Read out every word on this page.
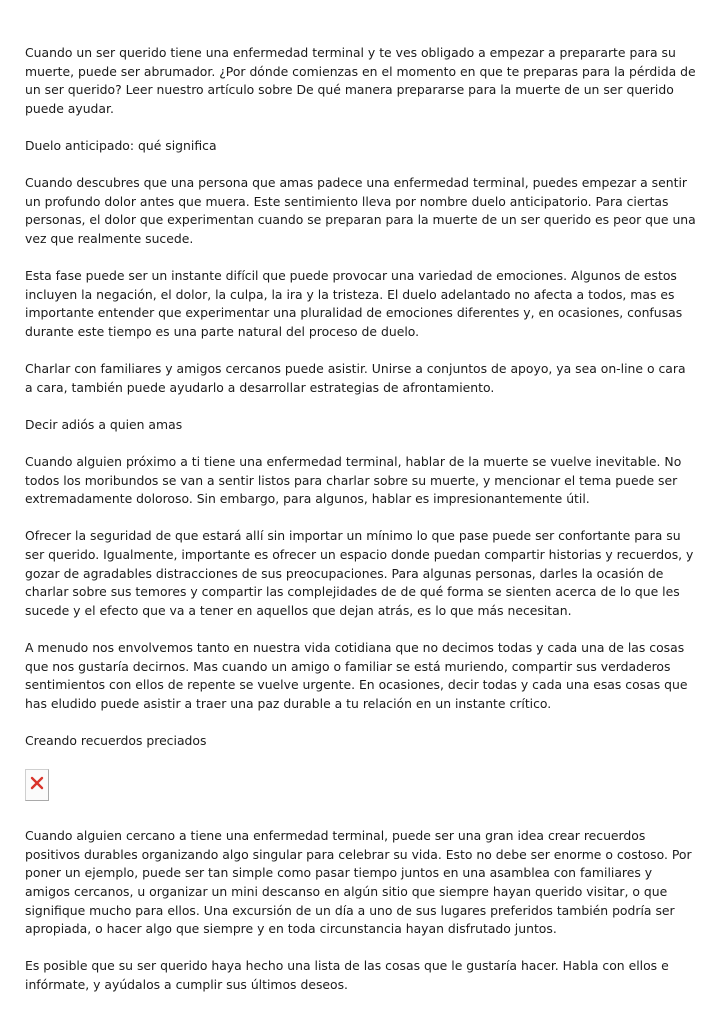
Cuando un ser querido tiene una enfermedad terminal y te ves obligado a empezar a prepararte para su muerte, puede ser abrumador. ¿Por dónde comienzas en el momento en que te preparas para la pérdida de un ser querido? Leer nuestro artículo sobre De qué manera prepararse para la muerte de un ser querido puede ayudar.

Duelo anticipado: qué significa

Cuando descubres que una persona que amas padece una enfermedad terminal, puedes empezar a sentir un profundo dolor antes que muera. Este sentimiento lleva por nombre duelo anticipatorio. Para ciertas personas, el dolor que experimentan cuando se preparan para la muerte de un ser querido es peor que una vez que realmente sucede.

Esta fase puede ser un instante difícil que puede provocar una variedad de emociones. Algunos de estos incluyen la negación, el dolor, la culpa, la ira y la tristeza. El duelo adelantado no afecta a todos, mas es importante entender que experimentar una pluralidad de emociones diferentes y, en ocasiones, confusas durante este tiempo es una parte natural del proceso de duelo.

Charlar con familiares y amigos cercanos puede asistir. Unirse a conjuntos de apoyo, ya sea on-line o cara a cara, también puede ayudarlo a desarrollar estrategias de afrontamiento.

Decir adiós a quien amas

Cuando alguien próximo a ti tiene una enfermedad terminal, hablar de la muerte se vuelve inevitable. No todos los moribundos se van a sentir listos para charlar sobre su muerte, y mencionar el tema puede ser extremadamente doloroso. Sin embargo, para algunos, hablar es impresionantemente útil.

Ofrecer la seguridad de que estará allí sin importar un mínimo lo que pase puede ser confortante para su ser querido. Igualmente, importante es ofrecer un espacio donde puedan compartir historias y recuerdos, y gozar de agradables distracciones de sus preocupaciones. Para algunas personas, darles la ocasión de charlar sobre sus temores y compartir las complejidades de de qué forma se sienten acerca de lo que les sucede y el efecto que va a tener en aquellos que dejan atrás, es lo que más necesitan.

A menudo nos envolvemos tanto en nuestra vida cotidiana que no decimos todas y cada una de las cosas que nos gustaría decirnos. Mas cuando un amigo o familiar se está muriendo, compartir sus verdaderos sentimientos con ellos de repente se vuelve urgente. En ocasiones, decir todas y cada una esas cosas que has eludido puede asistir a traer una paz durable a tu relación en un instante crítico.

Creando recuerdos preciados

Cuando alguien cercano a tiene una enfermedad terminal, puede ser una gran idea crear recuerdos positivos durables organizando algo singular para celebrar su vida. Esto no debe ser enorme o costoso. Por poner un ejemplo, puede ser tan simple como pasar tiempo juntos en una asamblea con familiares y amigos cercanos, u organizar un mini descanso en algún sitio que siempre hayan querido visitar, o que signifique mucho para ellos. Una excursión de un día a uno de sus lugares preferidos también podría ser apropiada, o hacer algo que siempre y en toda circunstancia hayan disfrutado juntos.

Es posible que su ser querido haya hecho una lista de las cosas que le gustaría hacer. Habla con ellos e infórmate, y ayúdalos a cumplir sus últimos deseos.
